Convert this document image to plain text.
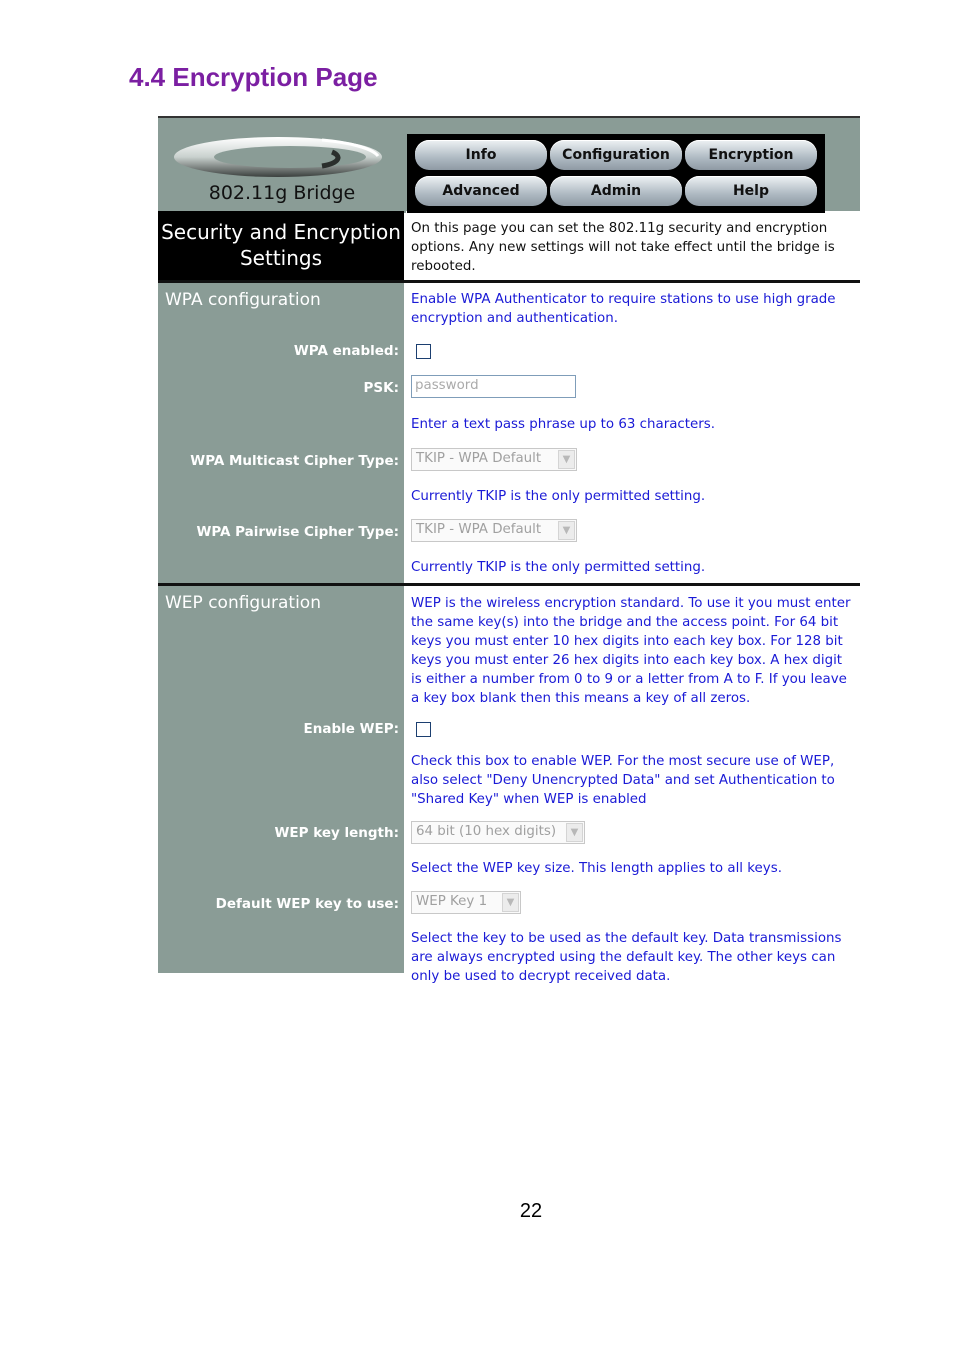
4.4 Encryption Page
802.11g Bridge
Info	Configuration	Encryption
Advanced	Admin	Help
Security and Encryption
Settings
On this page you can set the 802.11g security and encryption options. Any new settings will not take effect until the bridge is rebooted.
WPA configuration	Enable WPA Authenticator to require stations to use high grade encryption and authentication.
WPA enabled:
PSK: password
Enter a text pass phrase up to 63 characters.
WPA Multicast Cipher Type:	TKIP - WPA Default	▼
Currently TKIP is the only permitted setting.
WPA Pairwise Cipher Type:	TKIP - WPA Default	▼
Currently TKIP is the only permitted setting.
WEP configuration	WEP is the wireless encryption standard. To use it you must enter the same key(s) into the bridge and the access point. For 64 bit keys you must enter 10 hex digits into each key box. For 128 bit keys you must enter 26 hex digits into each key box. A hex digit is either a number from 0 to 9 or a letter from A to F. If you leave a key box blank then this means a key of all zeros.
Enable WEP:
Check this box to enable WEP. For the most secure use of WEP, also select "Deny Unencrypted Data" and set Authentication to "Shared Key" when WEP is enabled
WEP key length:	64 bit (10 hex digits)	▼
Select the WEP key size. This length applies to all keys.
Default WEP key to use:	WEP Key 1	▼
Select the key to be used as the default key. Data transmissions are always encrypted using the default key. The other keys can only be used to decrypt received data.
22
